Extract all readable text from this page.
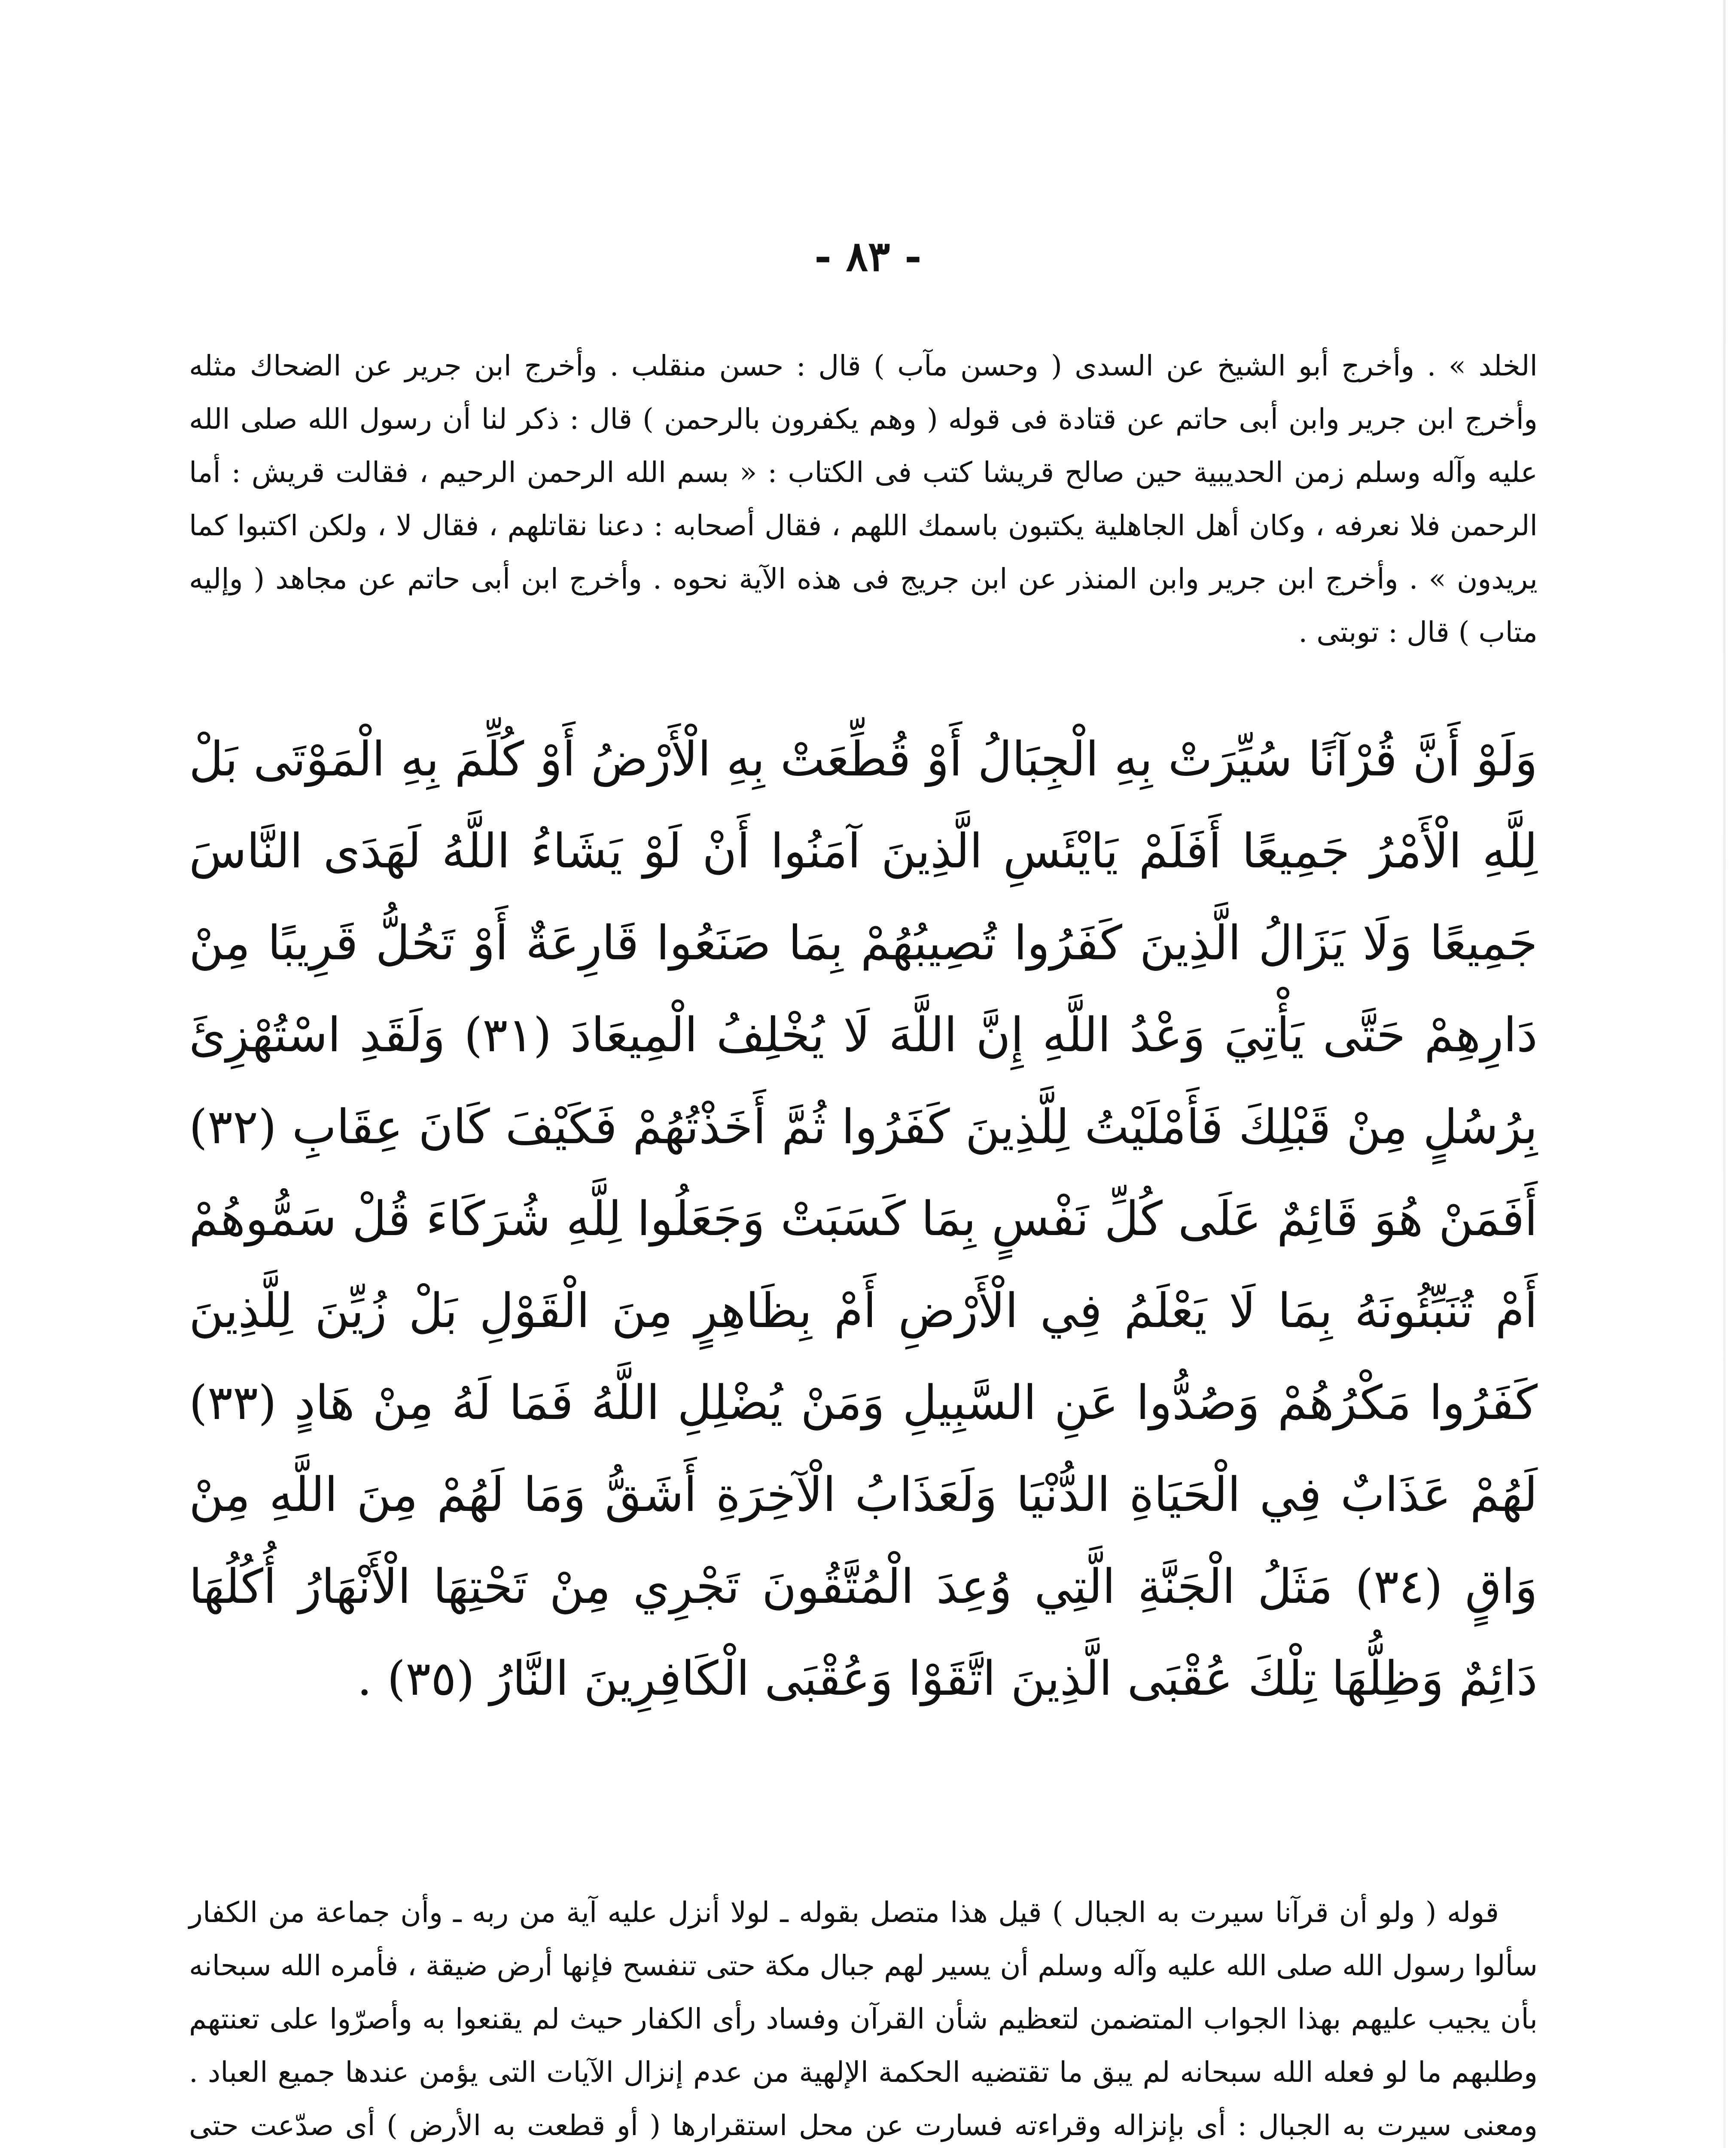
- ٨٣ -

الخلد » . وأخرج أبو الشيخ عن السدى ( وحسن مآب ) قال : حسن منقلب . وأخرج ابن جرير عن الضحاك مثله وأخرج ابن جرير وابن أبى حاتم عن قتادة فى قوله ( وهم يكفرون بالرحمن ) قال : ذكر لنا أن رسول الله صلى الله عليه وآله وسلم زمن الحديبية حين صالح قريشا كتب فى الكتاب : « بسم الله الرحمن الرحيم ، فقالت قريش : أما الرحمن فلا نعرفه ، وكان أهل الجاهلية يكتبون باسمك اللهم ، فقال أصحابه : دعنا نقاتلهم ، فقال لا ، ولكن اكتبوا كما يريدون » . وأخرج ابن جرير وابن المنذر عن ابن جريج فى هذه الآية نحوه . وأخرج ابن أبى حاتم عن مجاهد ( وإليه متاب ) قال : توبتى .

وَلَوْ أَنَّ قُرْآنًا سُيِّرَتْ بِهِ الْجِبَالُ أَوْ قُطِّعَتْ بِهِ الْأَرْضُ أَوْ كُلِّمَ بِهِ الْمَوْتَى بَلْ لِلَّهِ الْأَمْرُ جَمِيعًا أَفَلَمْ يَايْئَسِ الَّذِينَ آمَنُوا أَنْ لَوْ يَشَاءُ اللَّهُ لَهَدَى النَّاسَ جَمِيعًا وَلَا يَزَالُ الَّذِينَ كَفَرُوا تُصِيبُهُمْ بِمَا صَنَعُوا قَارِعَةٌ أَوْ تَحُلُّ قَرِيبًا مِنْ دَارِهِمْ حَتَّى يَأْتِيَ وَعْدُ اللَّهِ إِنَّ اللَّهَ لَا يُخْلِفُ الْمِيعَادَ (٣١) وَلَقَدِ اسْتُهْزِئَ بِرُسُلٍ مِنْ قَبْلِكَ فَأَمْلَيْتُ لِلَّذِينَ كَفَرُوا ثُمَّ أَخَذْتُهُمْ فَكَيْفَ كَانَ عِقَابِ (٣٢) أَفَمَنْ هُوَ قَائِمٌ عَلَى كُلِّ نَفْسٍ بِمَا كَسَبَتْ وَجَعَلُوا لِلَّهِ شُرَكَاءَ قُلْ سَمُّوهُمْ أَمْ تُنَبِّئُونَهُ بِمَا لَا يَعْلَمُ فِي الْأَرْضِ أَمْ بِظَاهِرٍ مِنَ الْقَوْلِ بَلْ زُيِّنَ لِلَّذِينَ كَفَرُوا مَكْرُهُمْ وَصُدُّوا عَنِ السَّبِيلِ وَمَنْ يُضْلِلِ اللَّهُ فَمَا لَهُ مِنْ هَادٍ (٣٣) لَهُمْ عَذَابٌ فِي الْحَيَاةِ الدُّنْيَا وَلَعَذَابُ الْآخِرَةِ أَشَقُّ وَمَا لَهُمْ مِنَ اللَّهِ مِنْ وَاقٍ (٣٤) مَثَلُ الْجَنَّةِ الَّتِي وُعِدَ الْمُتَّقُونَ تَجْرِي مِنْ تَحْتِهَا الْأَنْهَارُ أُكُلُهَا دَائِمٌ وَظِلُّهَا تِلْكَ عُقْبَى الَّذِينَ اتَّقَوْا وَعُقْبَى الْكَافِرِينَ النَّارُ (٣٥) .

قوله ( ولو أن قرآنا سيرت به الجبال ) قيل هذا متصل بقوله ـ لولا أنزل عليه آية من ربه ـ وأن جماعة من الكفار سألوا رسول الله صلى الله عليه وآله وسلم أن يسير لهم جبال مكة حتى تنفسح فإنها أرض ضيقة ، فأمره الله سبحانه بأن يجيب عليهم بهذا الجواب المتضمن لتعظيم شأن القرآن وفساد رأى الكفار حيث لم يقنعوا به وأصرّوا على تعنتهم وطلبهم ما لو فعله الله سبحانه لم يبق ما تقتضيه الحكمة الإلهية من عدم إنزال الآيات التى يؤمن عندها جميع العباد . ومعنى سيرت به الجبال : أى بإنزاله وقراءته فسارت عن محل استقرارها ( أو قطعت به الأرض ) أى صدّعت حتى
